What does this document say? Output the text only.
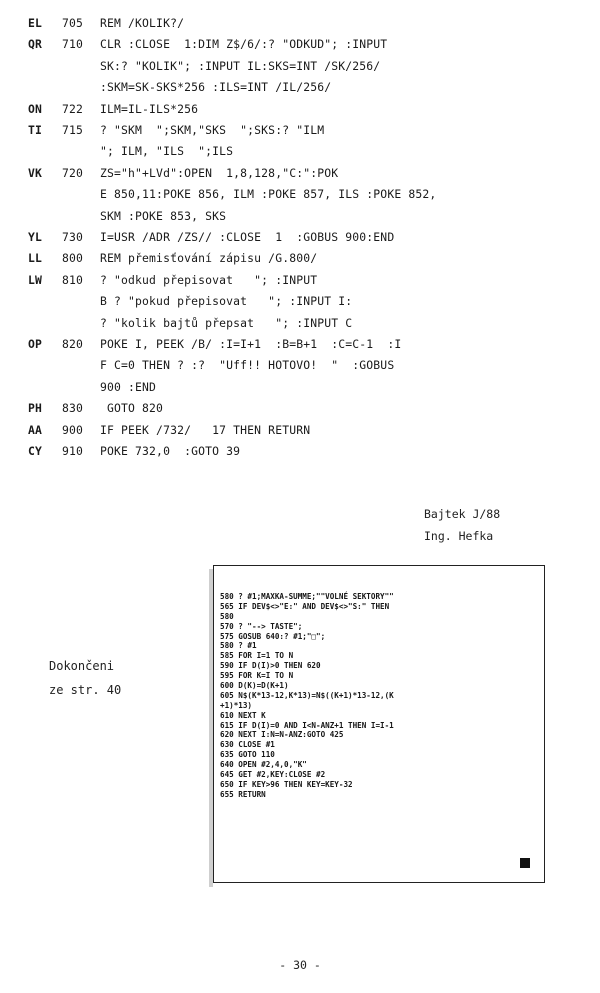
EL 705 REM /KOLIK?/
QR 710 CLR :CLOSE  1:DIM Z$/6/:? "ODKUD"; :INPUT
SK:? "KOLIK"; :INPUT IL:SKS=INT /SK/256/
:SKM=SK-SKS*256 :ILS=INT /IL/256/
ON 722 ILM=IL-ILS*256
TI 715 ? "SKM  ";SKM,"SKS  ";SKS:? "ILM
"; ILM, "ILS  ";ILS
VK 720 ZS="h"+LVd":OPEN  1,8,128,"C:":POK
E 850,11:POKE 856, ILM :POKE 857, ILS :POKE 852,
SKM :POKE 853, SKS
YL 730 I=USR /ADR /ZS// :CLOSE  1  :GOBUS 900:END
LL 800 REM přemisťování zápisu /G.800/
LW 810 ? "odkud přepisovat   "; :INPUT
B ? "pokud přepisovat   "; :INPUT I:
? "kolik bajtů přepsat   "; :INPUT C
OP 820 POKE I, PEEK /B/ :I=I+1  :B=B+1  :C=C-1  :I
F C=0 THEN ? :?  "Uff!! HOTOVO!  "  :GOBUS
900 :END
PH 830 GOTO 820
AA 900 IF PEEK /732/   17 THEN RETURN
CY 910 POKE 732,0  :GOTO 39
Bajtek J/88
Ing. Hefka
Dokončeni
ze str. 40
580 ? #1;MAXKA-SUMME;""VOLNÉ SEKTORY""
565 IF DEV$<>"E:" AND DEV$<>"S:" THEN
580
570 ? "--> TASTE";
575 GOSUB 640:? #1;"□";
580 ? #1
585 FOR I=1 TO N
590 IF D(I)>0 THEN 620
595 FOR K=I TO N
600 D(K)=D(K+1)
605 N$(K*13-12,K*13)=N$((K+1)*13-12,(K
+1)*13)
610 NEXT K
615 IF D(I)=0 AND I<N-ANZ+1 THEN I=I-1
620 NEXT I:N=N-ANZ:GOTO 425
630 CLOSE #1
635 GOTO 110
640 OPEN #2,4,0,"K"
645 GET #2,KEY:CLOSE #2
650 IF KEY>96 THEN KEY=KEY-32
655 RETURN
- 30 -
